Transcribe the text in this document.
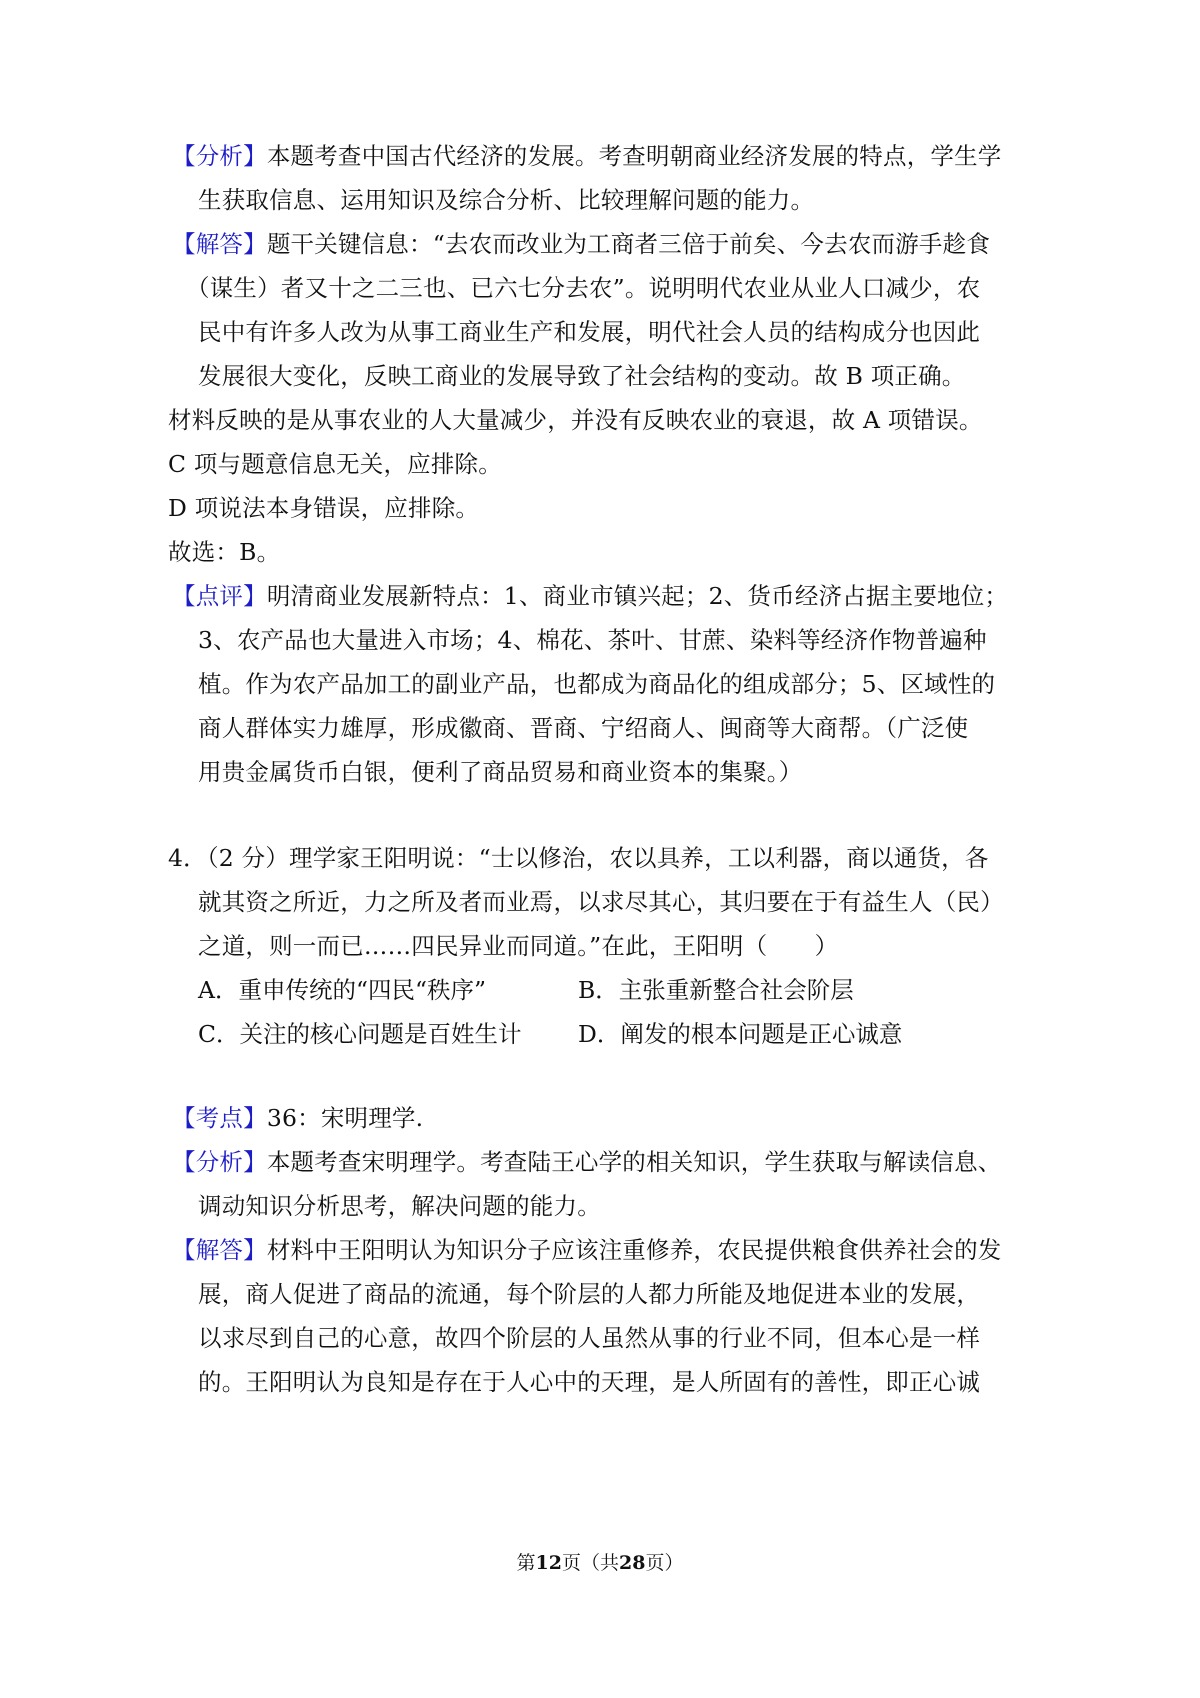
【分析】本题考查中国古代经济的发展。考查明朝商业经济发展的特点，学生学
生获取信息、运用知识及综合分析、比较理解问题的能力。
【解答】题干关键信息：“去农而改业为工商者三倍于前矣、今去农而游手趁食
（谋生）者又十之二三也、已六七分去农”。说明明代农业从业人口减少，农
民中有许多人改为从事工商业生产和发展，明代社会人员的结构成分也因此
发展很大变化，反映工商业的发展导致了社会结构的变动。故 B 项正确。
材料反映的是从事农业的人大量减少，并没有反映农业的衰退，故 A 项错误。
C 项与题意信息无关，应排除。
D 项说法本身错误，应排除。
故选：B。
【点评】明清商业发展新特点：1、商业市镇兴起；2、货币经济占据主要地位；
3、农产品也大量进入市场；4、棉花、茶叶、甘蔗、染料等经济作物普遍种
植。作为农产品加工的副业产品，也都成为商品化的组成部分；5、区域性的
商人群体实力雄厚，形成徽商、晋商、宁绍商人、闽商等大商帮。（广泛使
用贵金属货币白银，便利了商品贸易和商业资本的集聚。）
4．（2 分）理学家王阳明说：“士以修治，农以具养，工以利器，商以通货，各
就其资之所近，力之所及者而业焉，以求尽其心，其归要在于有益生人（民）
之道，则一而已……四民异业而同道。”在此，王阳明（　　）
A．重申传统的“四民“秩序”	B．主张重新整合社会阶层
C．关注的核心问题是百姓生计 D．阐发的根本问题是正心诚意
【考点】36：宋明理学.
【分析】本题考查宋明理学。考查陆王心学的相关知识，学生获取与解读信息、
调动知识分析思考，解决问题的能力。
【解答】材料中王阳明认为知识分子应该注重修养，农民提供粮食供养社会的发
展，商人促进了商品的流通，每个阶层的人都力所能及地促进本业的发展，
以求尽到自己的心意，故四个阶层的人虽然从事的行业不同，但本心是一样
的。王阳明认为良知是存在于人心中的天理，是人所固有的善性，即正心诚
第12页（共28页）
